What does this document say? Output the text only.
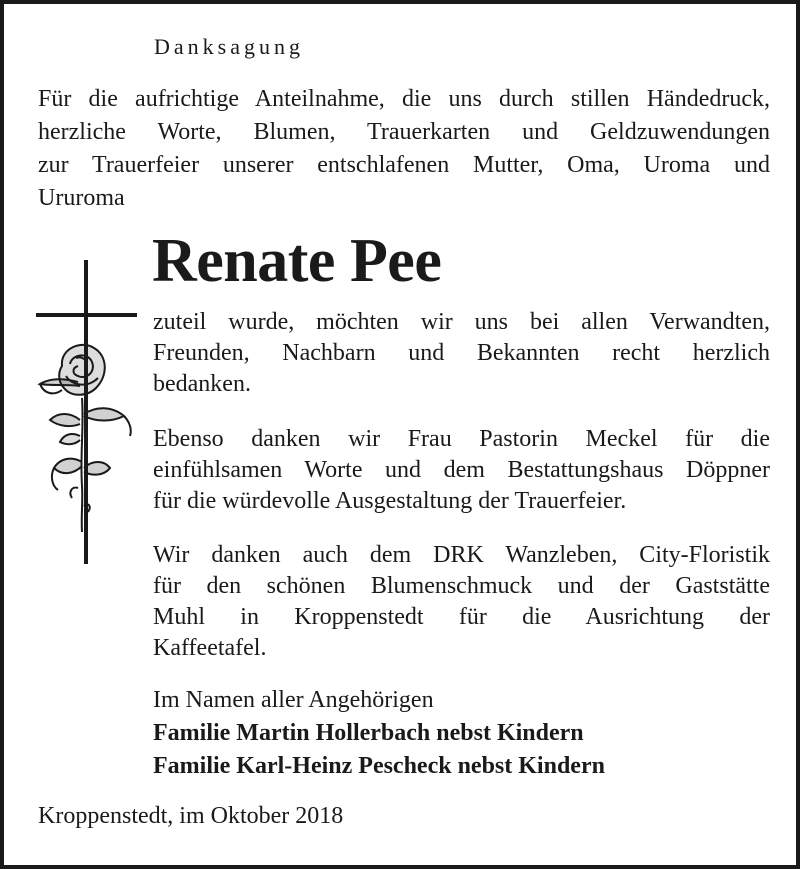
Danksagung
Für die aufrichtige Anteilnahme, die uns durch stillen Händedruck,
herzliche Worte, Blumen, Trauerkarten und Geldzuwendungen
zur Trauerfeier unserer entschlafenen Mutter, Oma, Uroma und
Ururoma
Renate Pee
zuteil wurde, möchten wir uns bei allen Verwandten,
Freunden, Nachbarn und Bekannten recht herzlich
bedanken.
Ebenso danken wir Frau Pastorin Meckel für die
einfühlsamen Worte und dem Bestattungshaus Döppner
für die würdevolle Ausgestaltung der Trauerfeier.
Wir danken auch dem DRK Wanzleben, City-Floristik
für den schönen Blumenschmuck und der Gaststätte
Muhl in Kroppenstedt für die Ausrichtung der
Kaffeetafel.
Im Namen aller Angehörigen
Familie Martin Hollerbach nebst Kindern
Familie Karl-Heinz Pescheck nebst Kindern
Kroppenstedt, im Oktober 2018
